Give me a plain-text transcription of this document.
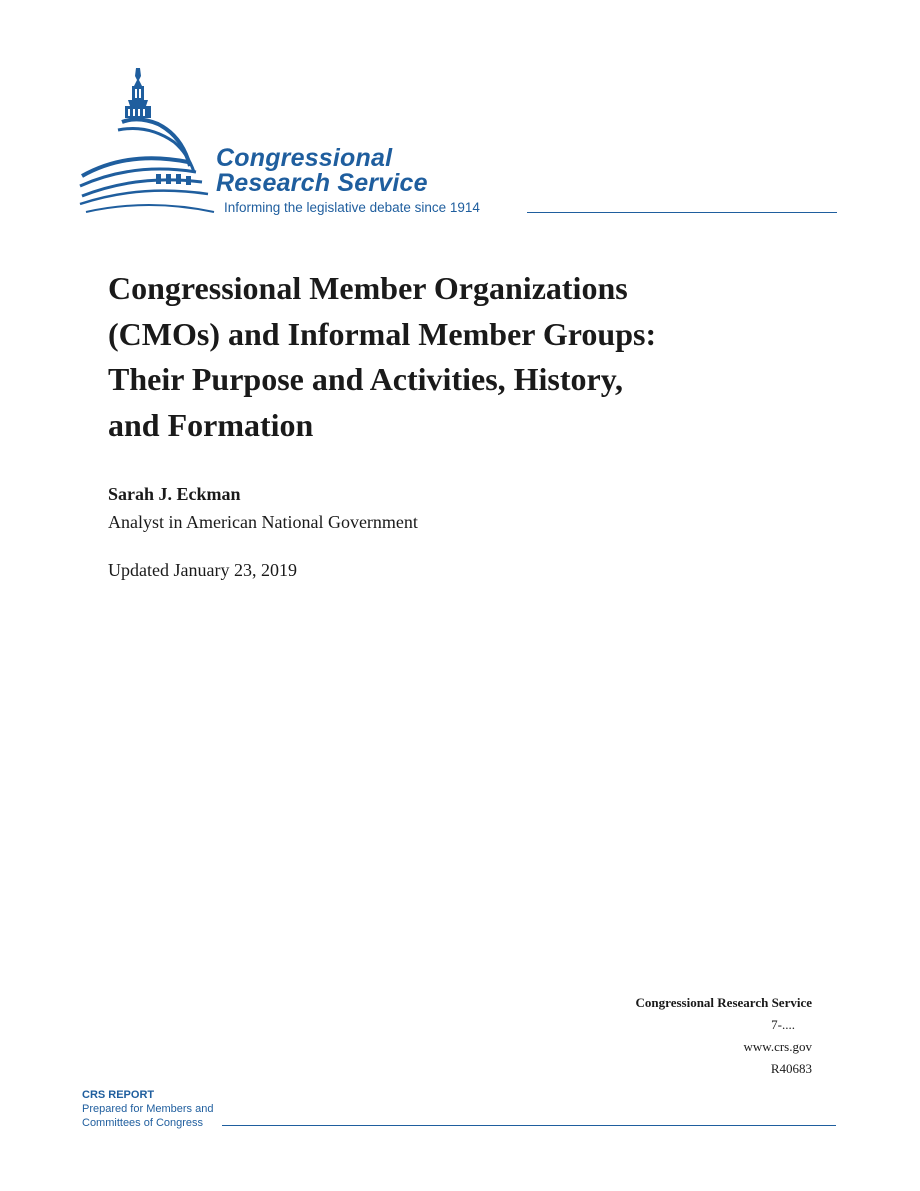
Congressional
Research Service
Informing the legislative debate since 1914
Congressional Member Organizations
(CMOs) and Informal Member Groups:
Their Purpose and Activities, History,
and Formation
Sarah J. Eckman
Analyst in American National Government
Updated January 23, 2019
Congressional Research Service
7-....
www.crs.gov
R40683
CRS REPORT
Prepared for Members and
Committees of Congress
